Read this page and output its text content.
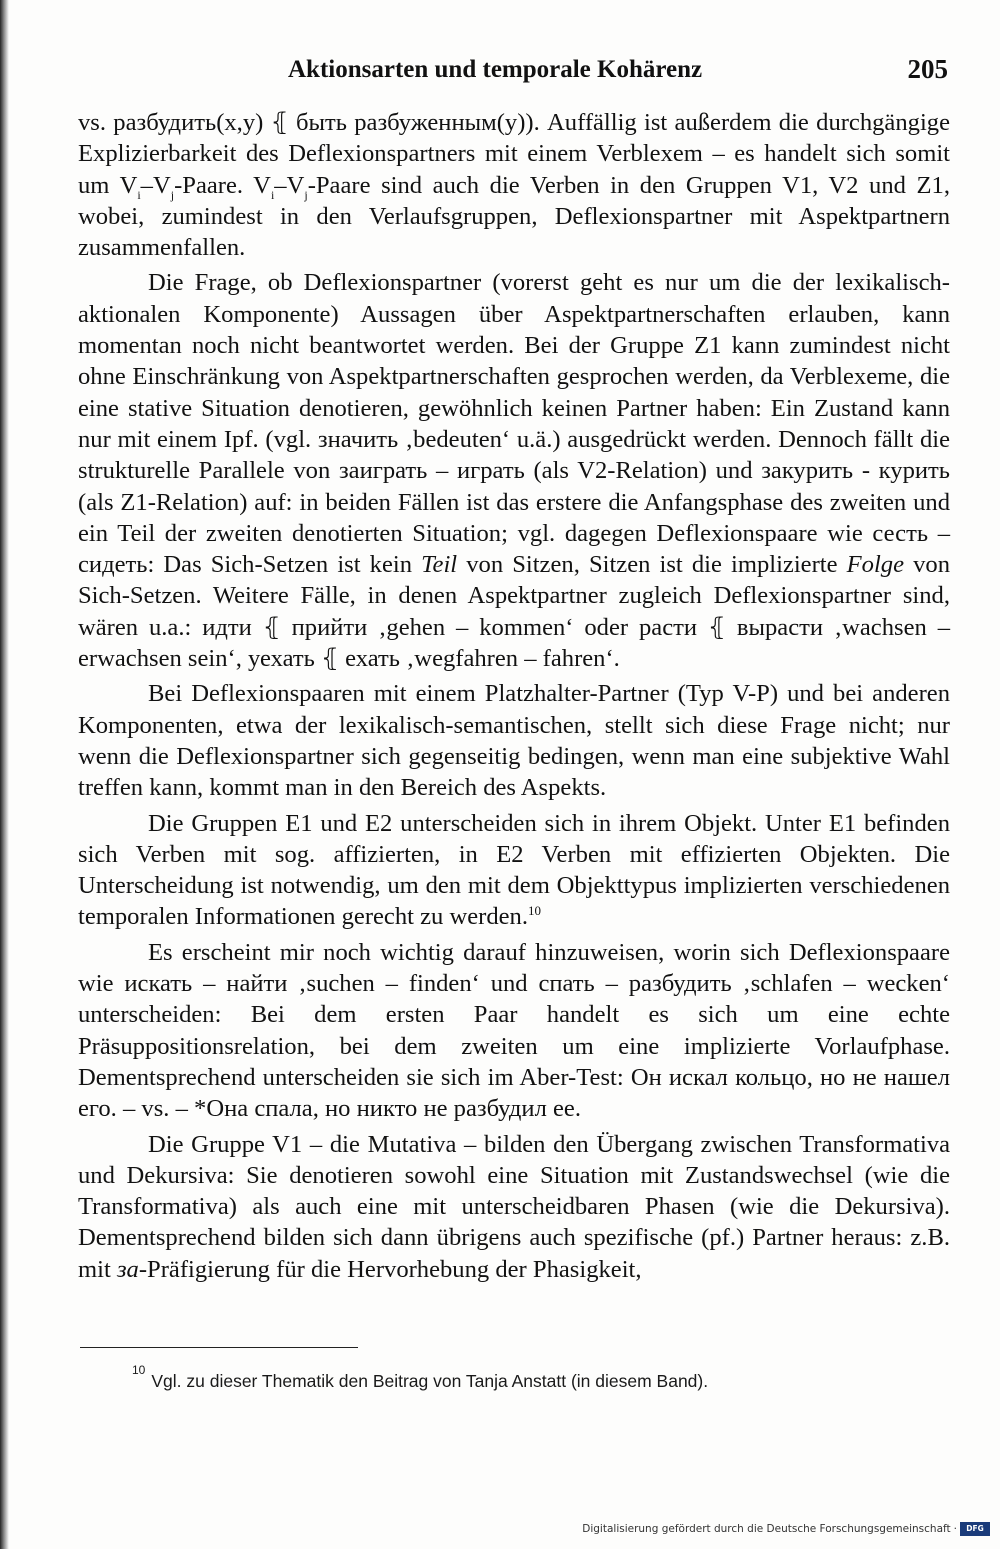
Aktionsarten und temporale Kohärenz	205

vs. разбудить(x,y) ⦃ быть разбуженным(y)). Auffällig ist außerdem die durchgängige Explizierbarkeit des Deflexionspartners mit einem Verblexem – es handelt sich somit um $V_i-V_j$-Paare. $V_i-V_j$-Paare sind auch die Verben in den Gruppen V1, V2 und Z1, wobei, zumindest in den Verlaufsgruppen, Deflexionspartner mit Aspektpartnern zusammenfallen.

Die Frage, ob Deflexionspartner (vorerst geht es nur um die der lexikalisch-aktionalen Komponente) Aussagen über Aspektpartnerschaften erlauben, kann momentan noch nicht beantwortet werden. Bei der Gruppe Z1 kann zumindest nicht ohne Einschränkung von Aspektpartnerschaften gesprochen werden, da Verblexeme, die eine stative Situation denotieren, gewöhnlich keinen Partner haben: Ein Zustand kann nur mit einem Ipf. (vgl. значить ‚bedeuten‘ u.ä.) ausgedrückt werden. Dennoch fällt die strukturelle Parallele von заиграть – играть (als V2-Relation) und закурить - курить (als Z1-Relation) auf: in beiden Fällen ist das erstere die Anfangsphase des zweiten und ein Teil der zweiten denotierten Situation; vgl. dagegen Deflexionspaare wie сесть – сидеть: Das Sich-Setzen ist kein Teil von Sitzen, Sitzen ist die implizierte Folge von Sich-Setzen. Weitere Fälle, in denen Aspektpartner zugleich Deflexionspartner sind, wären u.a.: идти ⦃ прийти ‚gehen – kommen‘ oder расти ⦃ вырасти ‚wachsen – erwachsen sein‘, уехать ⦃ ехать ‚wegfahren – fahren‘.

Bei Deflexionspaaren mit einem Platzhalter-Partner (Typ V-P) und bei anderen Komponenten, etwa der lexikalisch-semantischen, stellt sich diese Frage nicht; nur wenn die Deflexionspartner sich gegenseitig bedingen, wenn man eine subjektive Wahl treffen kann, kommt man in den Bereich des Aspekts.

Die Gruppen E1 und E2 unterscheiden sich in ihrem Objekt. Unter E1 befinden sich Verben mit sog. affizierten, in E2 Verben mit effizierten Objekten. Die Unterscheidung ist notwendig, um den mit dem Objekttypus implizierten verschiedenen temporalen Informationen gerecht zu werden.$^{10}$

Es erscheint mir noch wichtig darauf hinzuweisen, worin sich Deflexionspaare wie искать – найти ‚suchen – finden‘ und спать – разбудить ‚schlafen – wecken‘ unterscheiden: Bei dem ersten Paar handelt es sich um eine echte Präsuppositionsrelation, bei dem zweiten um eine implizierte Vorlaufphase. Dementsprechend unterscheiden sie sich im Aber-Test: Он искал кольцо, но не нашел его. – vs. – *Она спала, но никто не разбудил ее.

Die Gruppe V1 – die Mutativa – bilden den Übergang zwischen Transformativa und Dekursiva: Sie denotieren sowohl eine Situation mit Zustandswechsel (wie die Transformativa) als auch eine mit unterscheidbaren Phasen (wie die Dekursiva). Dementsprechend bilden sich dann übrigens auch spezifische (pf.) Partner heraus: z.B. mit за-Präfigierung für die Hervorhebung der Phasigkeit,

$^{10}$Vgl. zu dieser Thematik den Beitrag von Tanja Anstatt (in diesem Band).
Digitalisierung gefördert durch die Deutsche Forschungsgemeinschaft ·	DFG
